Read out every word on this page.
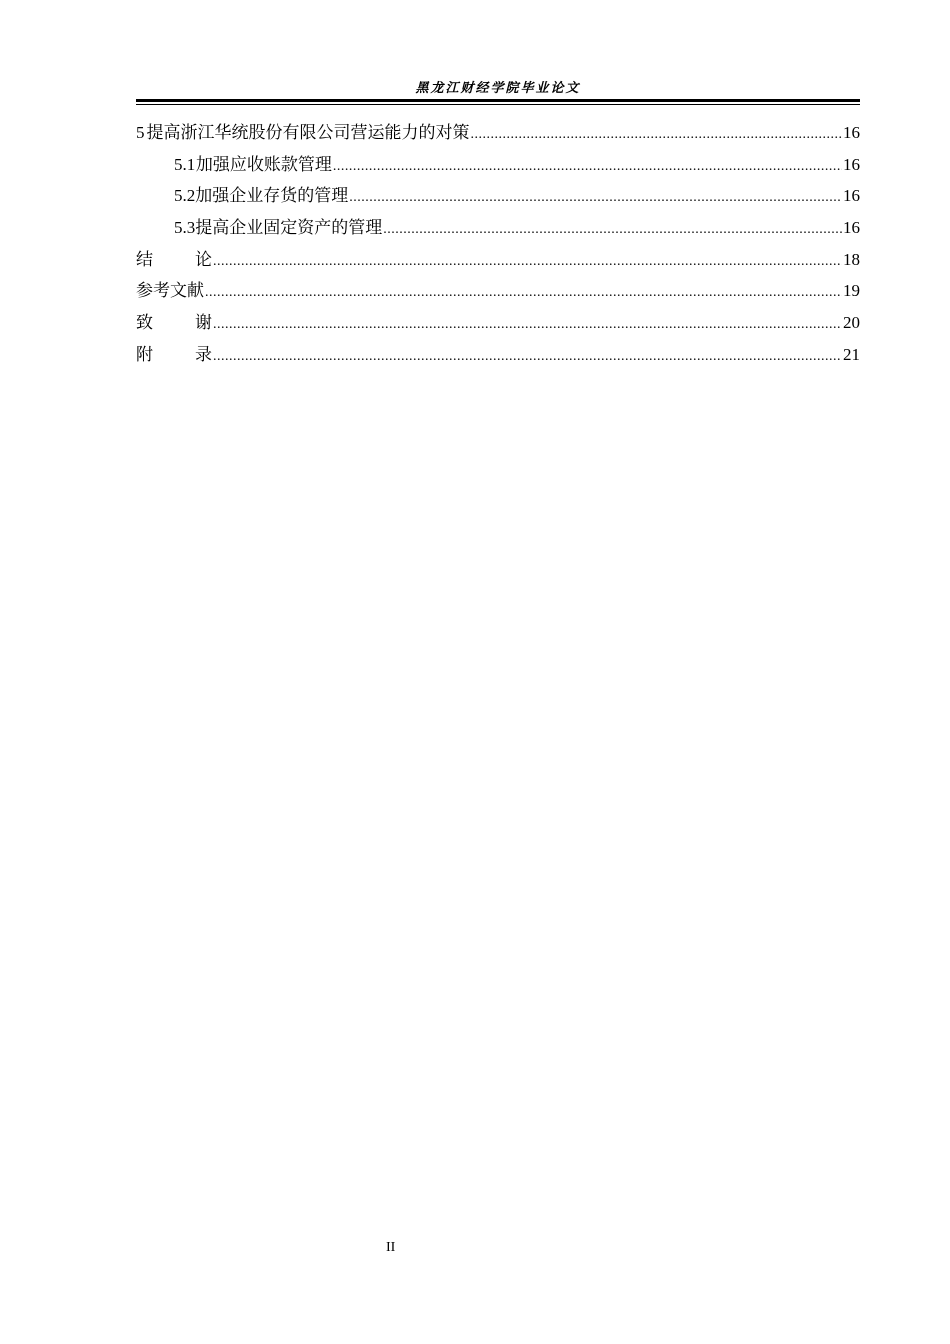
黑龙江财经学院毕业论文
5 提高浙江华统股份有限公司营运能力的对策 .....	16
5.1 加强应收账款管理 .....	16
5.2 加强企业存货的管理 .....	16
5.3 提高企业固定资产的管理 .....	16
结　论 .....	18
参考文献 .....	19
致　谢 .....	20
附　录 .....	21
II
